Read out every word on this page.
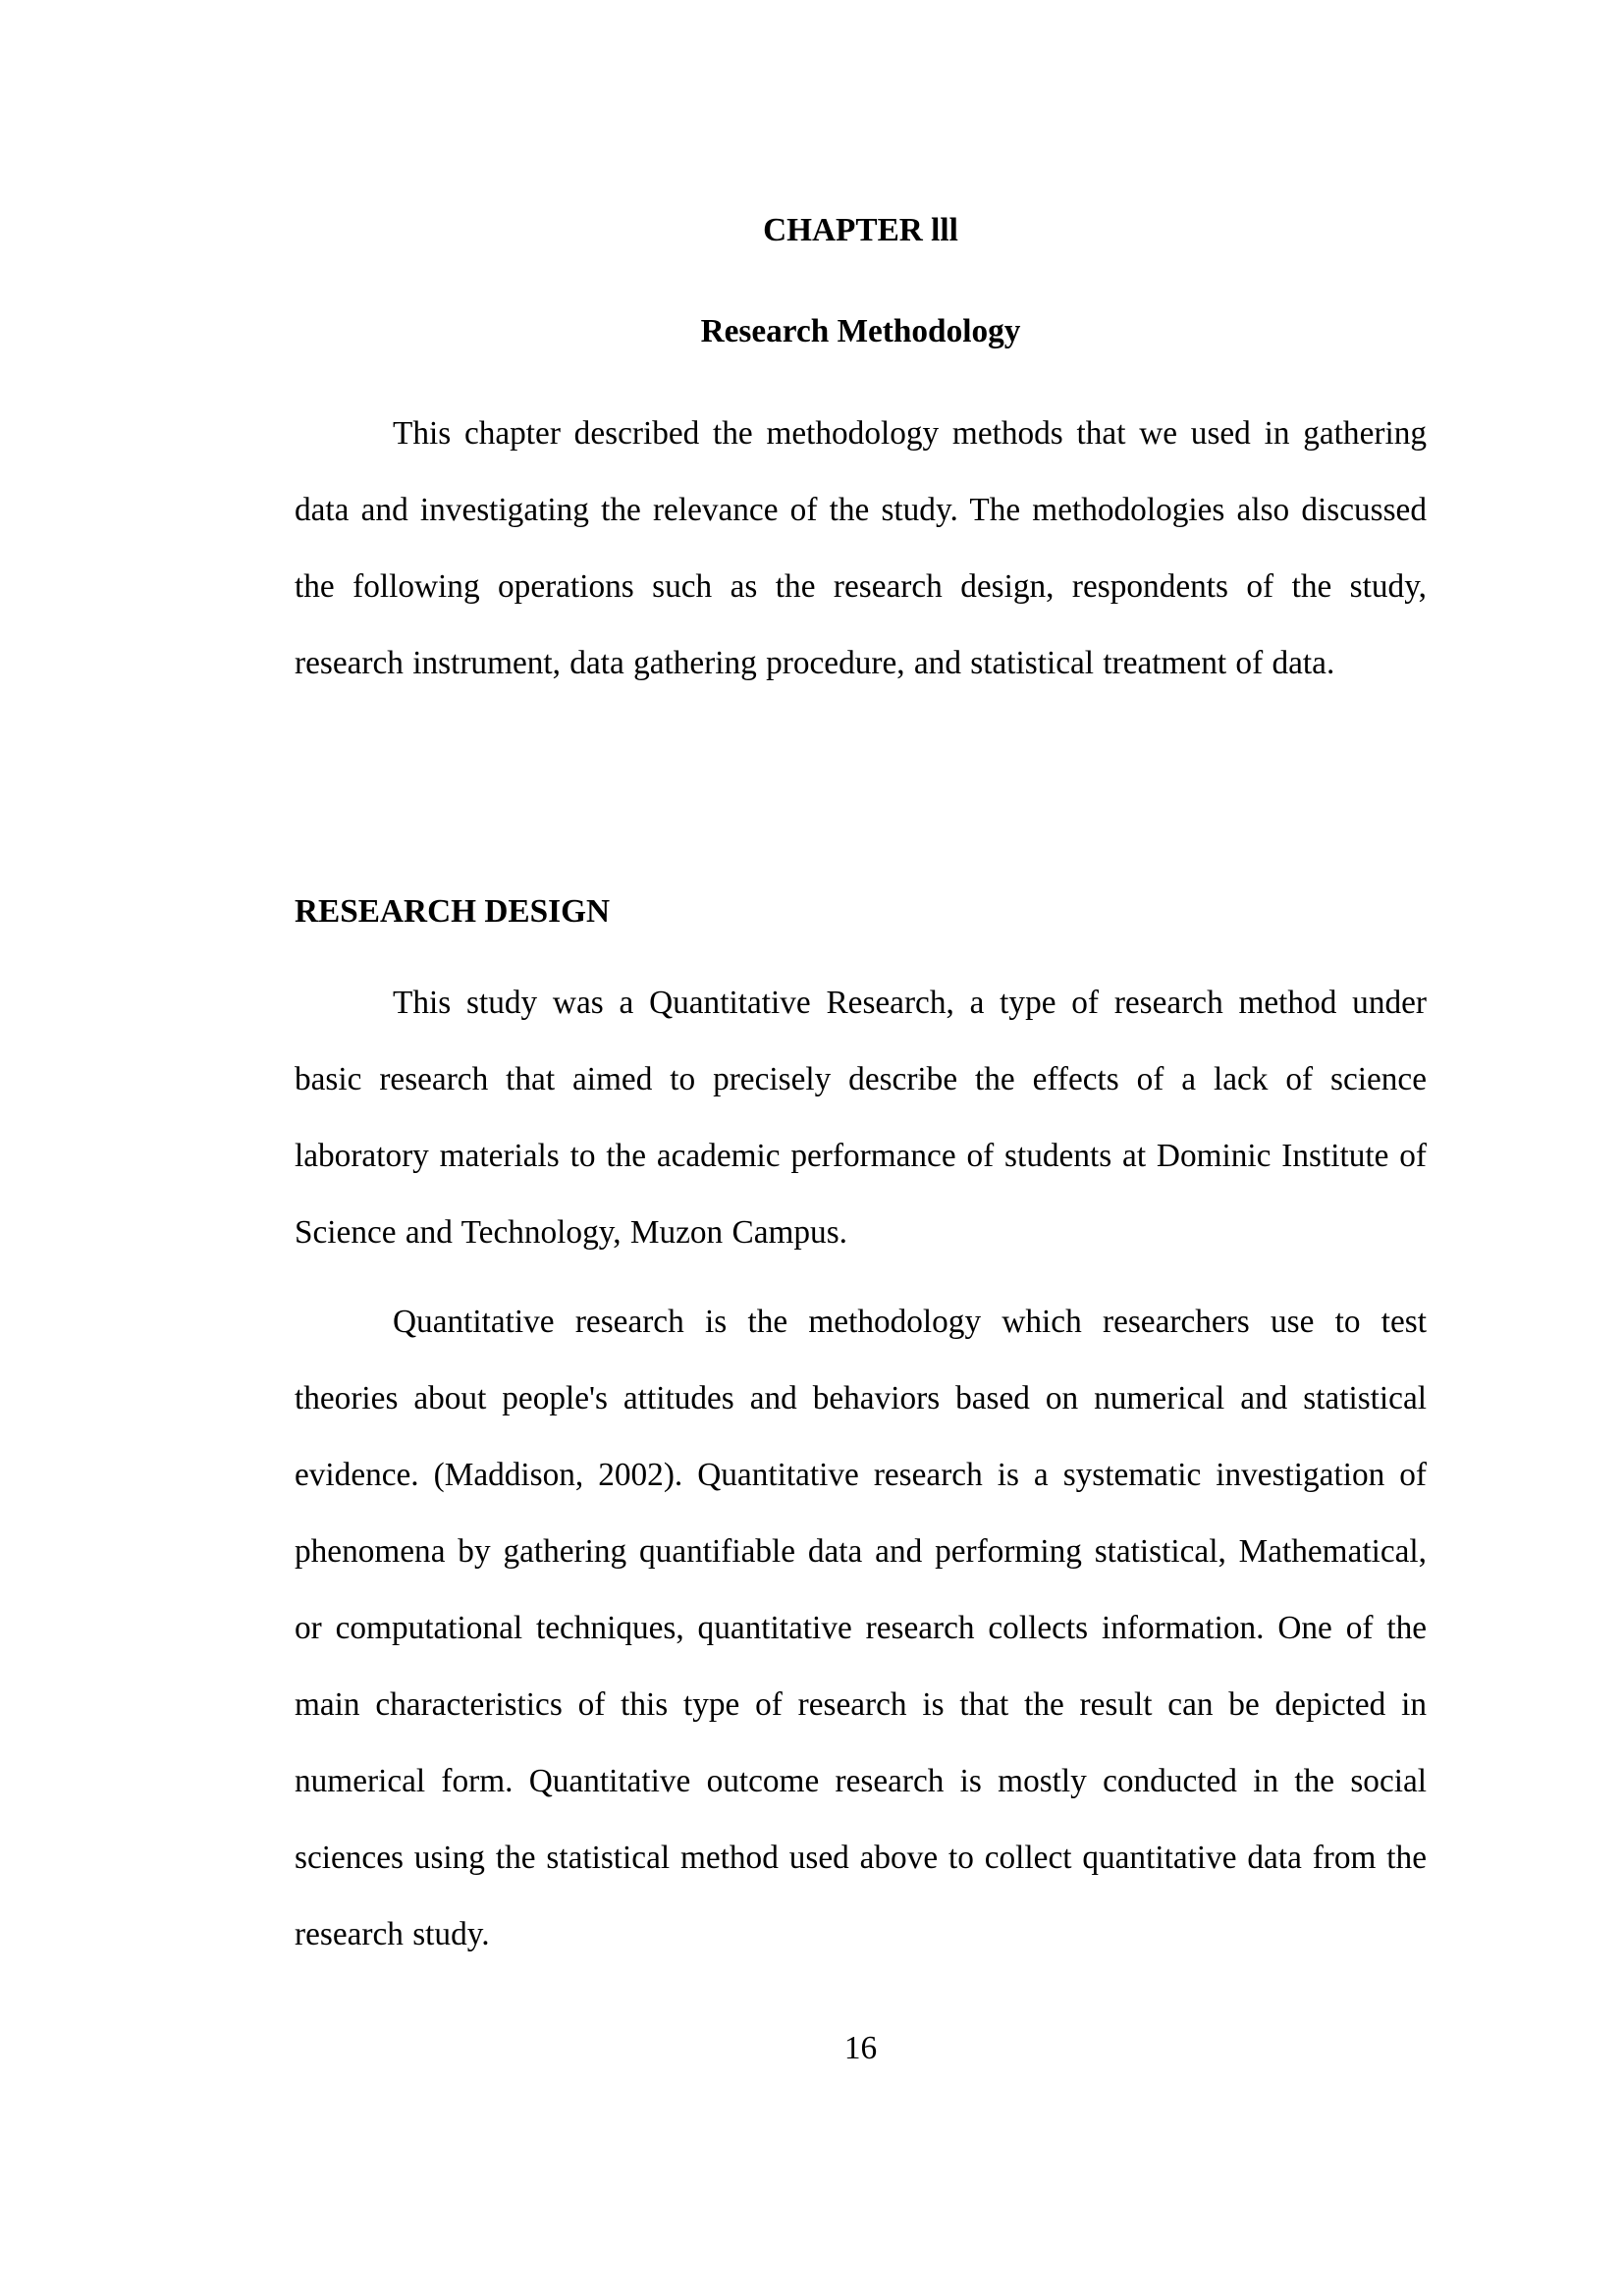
CHAPTER lll
Research Methodology

This chapter described the methodology methods that we used in gathering data and investigating the relevance of the study. The methodologies also discussed the following operations such as the research design, respondents of the study, research instrument, data gathering procedure, and statistical treatment of data.

RESEARCH DESIGN

This study was a Quantitative Research, a type of research method under basic research that aimed to precisely describe the effects of a lack of science laboratory materials to the academic performance of students at Dominic Institute of Science and Technology, Muzon Campus.

Quantitative research is the methodology which researchers use to test theories about people's attitudes and behaviors based on numerical and statistical evidence. (Maddison, 2002). Quantitative research is a systematic investigation of phenomena by gathering quantifiable data and performing statistical, Mathematical, or computational techniques, quantitative research collects information. One of the main characteristics of this type of research is that the result can be depicted in numerical form. Quantitative outcome research is mostly conducted in the social sciences using the statistical method used above to collect quantitative data from the research study.

16
